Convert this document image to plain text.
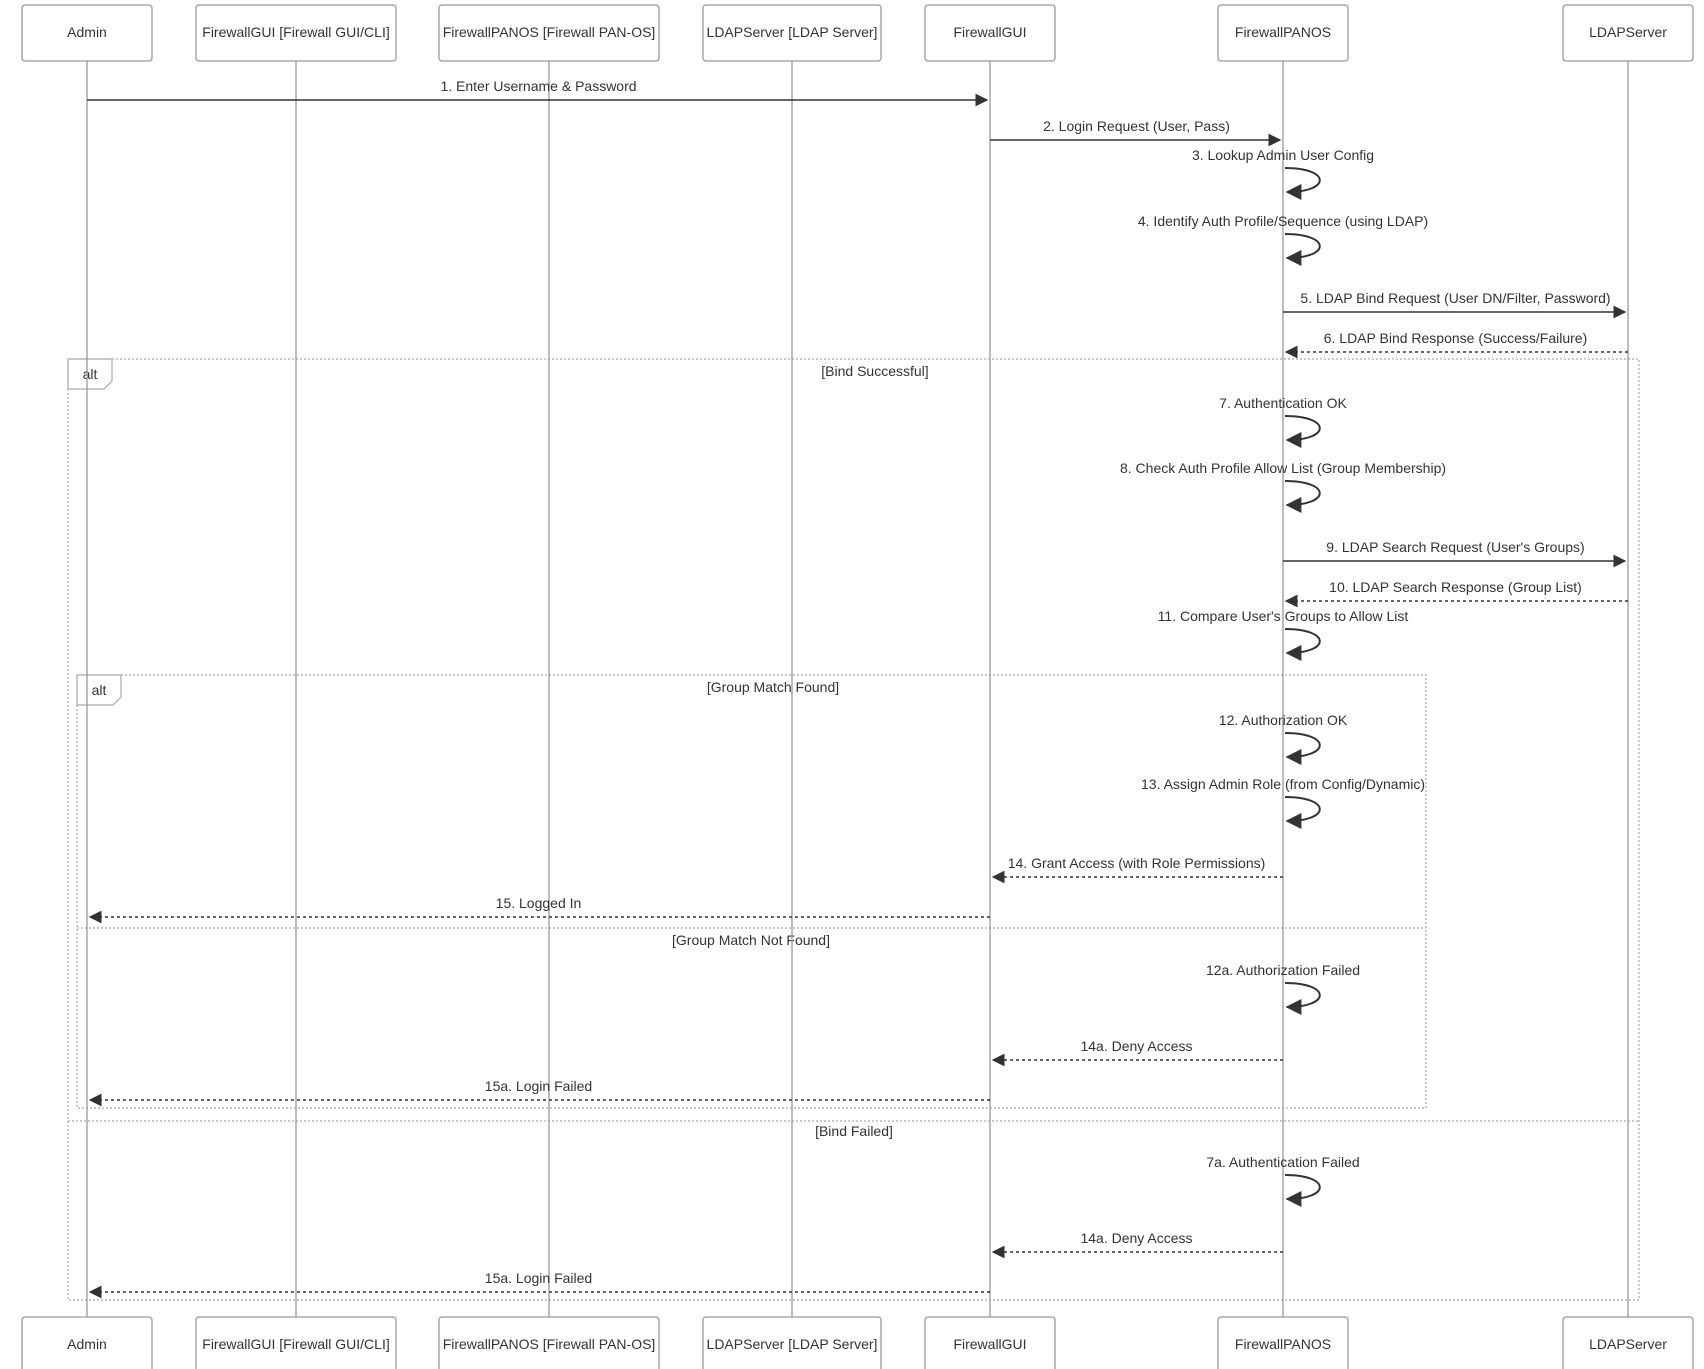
alt	[Bind Successful]
[Bind Failed]
alt	[Group Match Found]
[Group Match Not Found]
1. Enter Username & Password
2. Login Request (User, Pass)
3. Lookup Admin User Config
4. Identify Auth Profile/Sequence (using LDAP)
5. LDAP Bind Request (User DN/Filter, Password)
6. LDAP Bind Response (Success/Failure)
7. Authentication OK
8. Check Auth Profile Allow List (Group Membership)
9. LDAP Search Request (User's Groups)
10. LDAP Search Response (Group List)
11. Compare User's Groups to Allow List
12. Authorization OK
13. Assign Admin Role (from Config/Dynamic)
14. Grant Access (with Role Permissions)
15. Logged In
12a. Authorization Failed
14a. Deny Access
15a. Login Failed
7a. Authentication Failed
14a. Deny Access
15a. Login Failed
Admin
Admin
FirewallGUI [Firewall GUI/CLI]
FirewallGUI [Firewall GUI/CLI]
FirewallPANOS [Firewall PAN-OS]
FirewallPANOS [Firewall PAN-OS]
LDAPServer [LDAP Server]
LDAPServer [LDAP Server]
FirewallGUI
FirewallGUI
FirewallPANOS
FirewallPANOS
LDAPServer
LDAPServer
